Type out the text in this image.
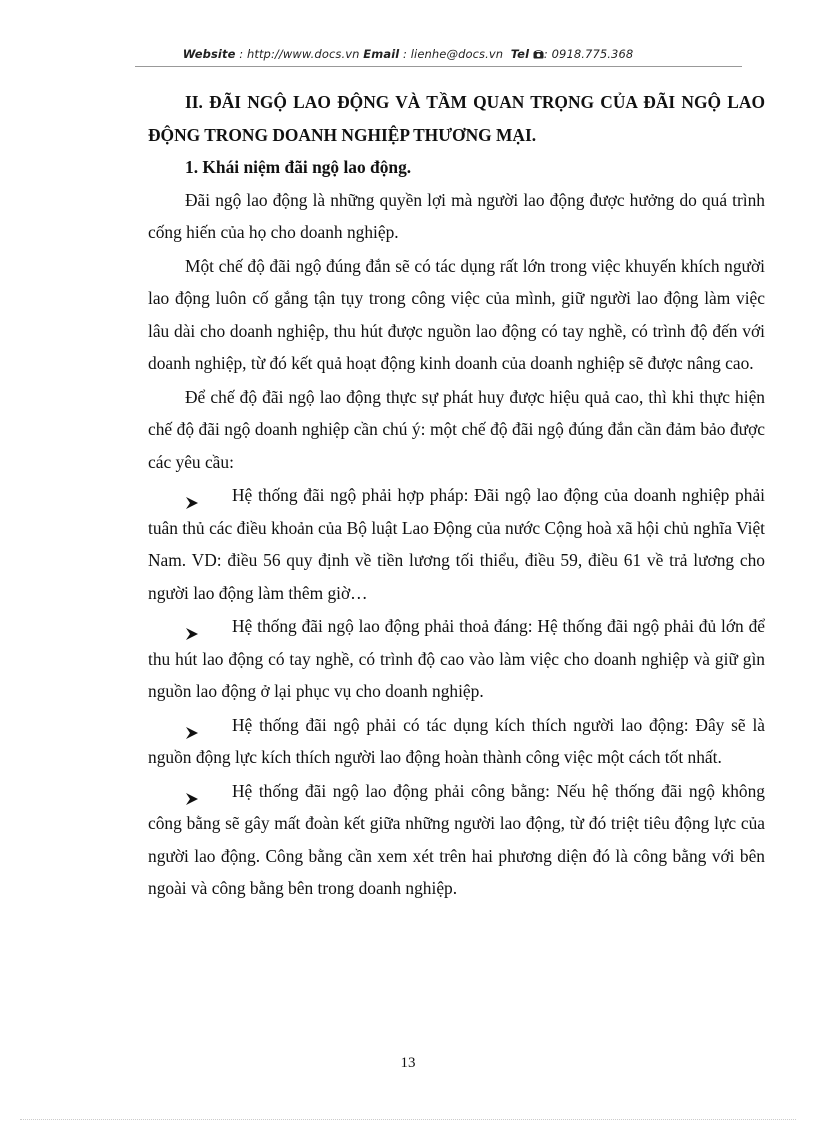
Website : http://www.docs.vn Email : lienhe@docs.vn Tel : 0918.775.368

II. ĐÃI NGỘ LAO ĐỘNG VÀ TẦM QUAN TRỌNG CỦA ĐÃI NGỘ LAO ĐỘNG TRONG DOANH NGHIỆP THƯƠNG MẠI.

1. Khái niệm đãi ngộ lao động.

Đãi ngộ lao động là những quyền lợi mà người lao động được hưởng do quá trình cống hiến của họ cho doanh nghiệp.

Một chế độ đãi ngộ đúng đắn sẽ có tác dụng rất lớn trong việc khuyến khích người lao động luôn cố gắng tận tụy trong công việc của mình, giữ người lao động làm việc lâu dài cho doanh nghiệp, thu hút được nguồn lao động có tay nghề, có trình độ đến với doanh nghiệp, từ đó kết quả hoạt động kinh doanh của doanh nghiệp sẽ được nâng cao.

Để chế độ đãi ngộ lao động thực sự phát huy được hiệu quả cao, thì khi thực hiện chế độ đãi ngộ doanh nghiệp cần chú ý: một chế độ đãi ngộ đúng đắn cần đảm bảo được các yêu cầu:

Hệ thống đãi ngộ phải hợp pháp: Đãi ngộ lao động của doanh nghiệp phải tuân thủ các điều khoản của Bộ luật Lao Động của nước Cộng hoà xã hội chủ nghĩa Việt Nam. VD: điều 56 quy định về tiền lương tối thiểu, điều 59, điều 61 về trả lương cho người lao động làm thêm giờ…

Hệ thống đãi ngộ lao động phải thoả đáng: Hệ thống đãi ngộ phải đủ lớn để thu hút lao động có tay nghề, có trình độ cao vào làm việc cho doanh nghiệp và giữ gìn nguồn lao động ở lại phục vụ cho doanh nghiệp.

Hệ thống đãi ngộ phải có tác dụng kích thích người lao động: Đây sẽ là nguồn động lực kích thích người lao động hoàn thành công việc một cách tốt nhất.

Hệ thống đãi ngộ lao động phải công bằng: Nếu hệ thống đãi ngộ không công bằng sẽ gây mất đoàn kết giữa những người lao động, từ đó triệt tiêu động lực của người lao động. Công bằng cần xem xét trên hai phương diện đó là công bằng với bên ngoài và công bằng bên trong doanh nghiệp.

13
